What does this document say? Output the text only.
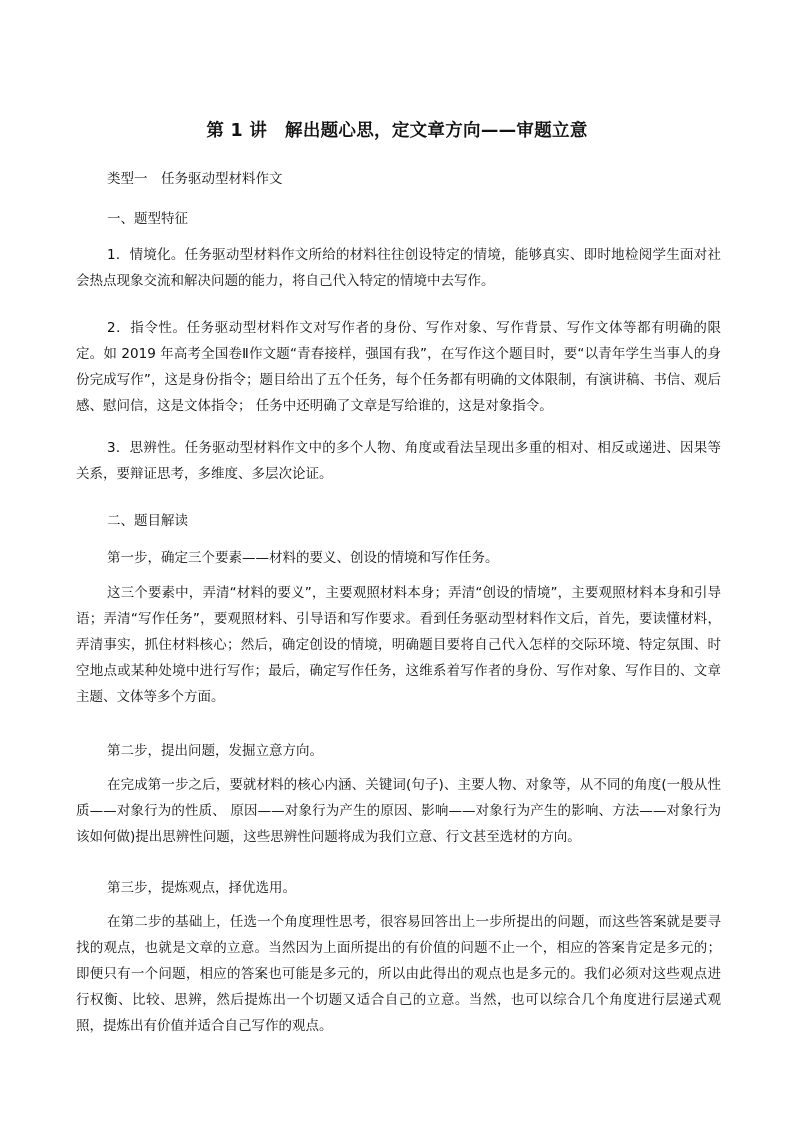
第 1 讲　解出题心思，定文章方向——审题立意
类型一　任务驱动型材料作文
一、题型特征

1．情境化。任务驱动型材料作文所给的材料往往创设特定的情境，能够真实、即时地检阅学生面对社会热点现象交流和解决问题的能力，将自己代入特定的情境中去写作。

2．指令性。任务驱动型材料作文对写作者的身份、写作对象、写作背景、写作文体等都有明确的限定。如 2019 年高考全国卷Ⅱ作文题“青春接样，强国有我”，在写作这个题目时，要“以青年学生当事人的身份完成写作”，这是身份指令；题目给出了五个任务，每个任务都有明确的文体限制，有演讲稿、书信、观后感、慰问信，这是文体指令； 任务中还明确了文章是写给谁的，这是对象指令。

3．思辨性。任务驱动型材料作文中的多个人物、角度或看法呈现出多重的相对、相反或递进、因果等关系，要辩证思考，多维度、多层次论证。

二、题目解读
第一步，确定三个要素——材料的要义、创设的情境和写作任务。

这三个要素中，弄清“材料的要义”，主要观照材料本身；弄清“创设的情境”，主要观照材料本身和引导语；弄清“写作任务”，要观照材料、引导语和写作要求。看到任务驱动型材料作文后，首先，要读懂材料，弄清事实，抓住材料核心；然后，确定创设的情境，明确题目要将自己代入怎样的交际环境、特定氛围、时空地点或某种处境中进行写作；最后，确定写作任务，这维系着写作者的身份、写作对象、写作目的、文章主题、文体等多个方面。

第二步，提出问题，发掘立意方向。

在完成第一步之后，要就材料的核心内涵、关键词(句子)、主要人物、对象等，从不同的角度(一般从性质——对象行为的性质、 原因——对象行为产生的原因、影响——对象行为产生的影响、方法——对象行为该如何做)提出思辨性问题，这些思辨性问题将成为我们立意、行文甚至选材的方向。

第三步，提炼观点，择优选用。

在第二步的基础上，任选一个角度理性思考，很容易回答出上一步所提出的问题，而这些答案就是要寻找的观点，也就是文章的立意。当然因为上面所提出的有价值的问题不止一个，相应的答案肯定是多元的；即便只有一个问题，相应的答案也可能是多元的，所以由此得出的观点也是多元的。我们必须对这些观点进行权衡、比较、思辨，然后提炼出一个切题又适合自己的立意。当然，也可以综合几个角度进行层递式观照，提炼出有价值并适合自己写作的观点。
